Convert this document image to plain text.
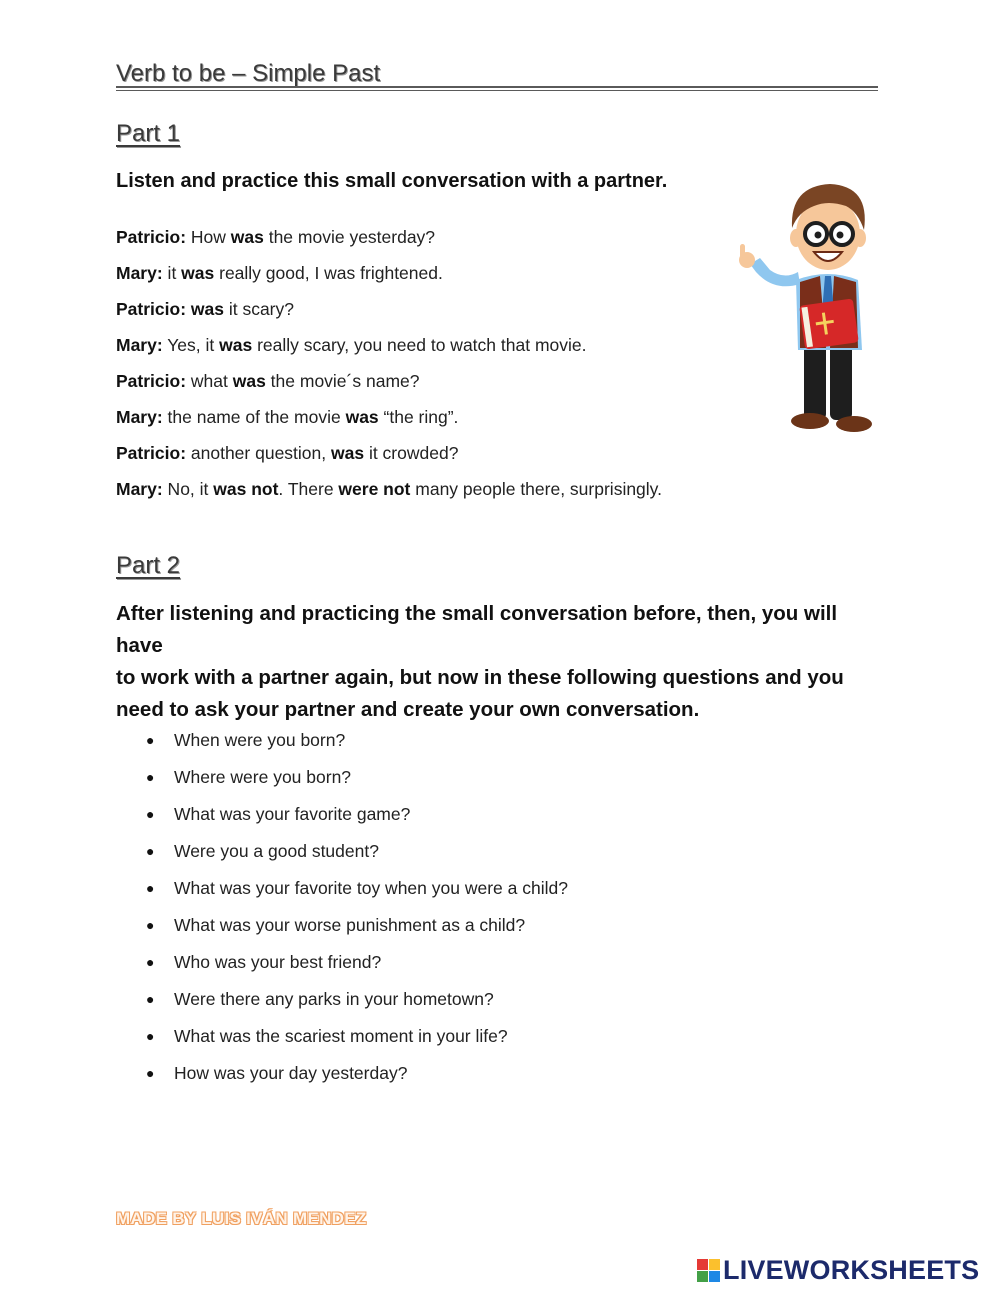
Verb to be – Simple Past
Part 1
Listen and practice this small conversation with a partner.
Patricio: How was the movie yesterday?
Mary: it was really good, I was frightened.
Patricio: was it scary?
Mary: Yes, it was really scary, you need to watch that movie.
Patricio: what was the movie´s name?
Mary: the name of the movie was “the ring”.
Patricio: another question, was it crowded?
Mary: No, it was not. There were not many people there, surprisingly.
Part 2
After listening and practicing the small conversation before, then, you will have
to work with a partner again, but now in these following questions and you
need to ask your partner and create your own conversation.
●	When were you born?
●	Where were you born?
●	What was your favorite game?
●	Were you a good student?
●	What was your favorite toy when you were a child?
●	What was your worse punishment as a child?
●	Who was your best friend?
●	Were there any parks in your hometown?
●	What was the scariest moment in your life?
●	How was your day yesterday?
MADE BY LUIS IVÁN MENDEZ
LIVEWORKSHEETS
